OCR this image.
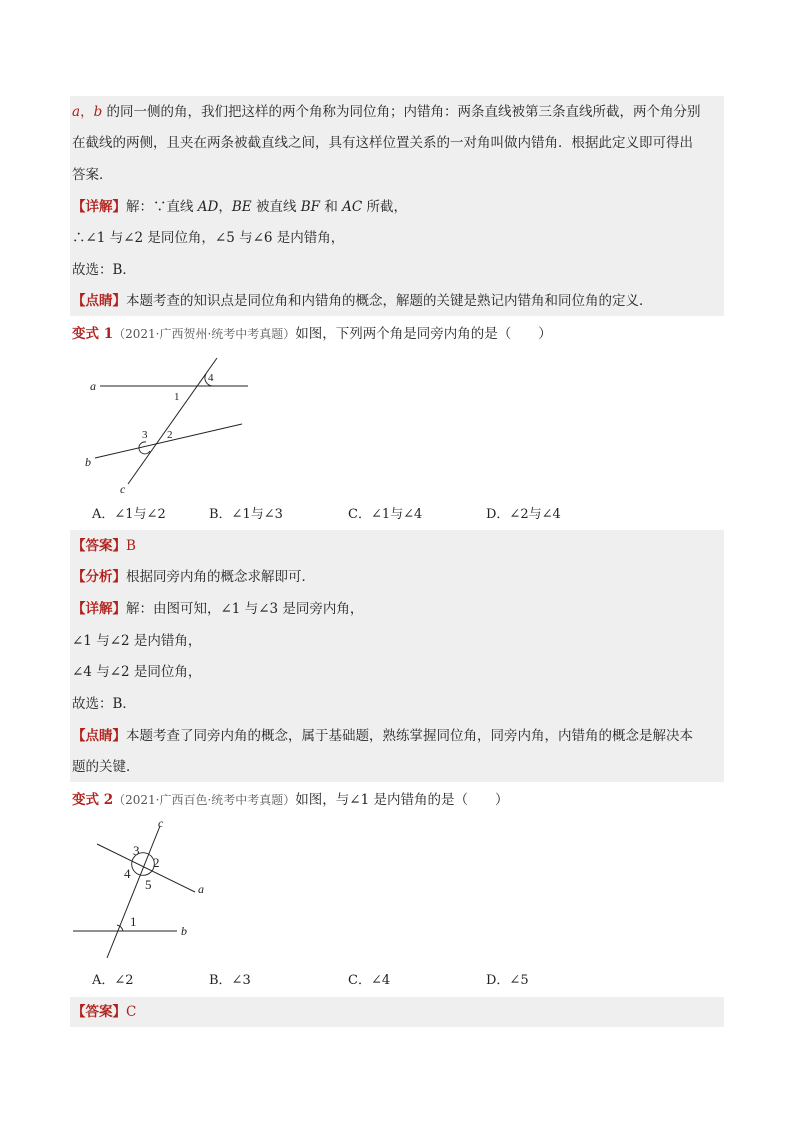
a，b 的同一侧的角，我们把这样的两个角称为同位角；内错角：两条直线被第三条直线所截，两个角分别
在截线的两侧，且夹在两条被截直线之间，具有这样位置关系的一对角叫做内错角．根据此定义即可得出
答案．
【详解】解：∵直线 AD，BE 被直线 BF 和 AC 所截，
∴∠1 与∠2 是同位角，∠5 与∠6 是内错角，
故选：B．
【点睛】本题考查的知识点是同位角和内错角的概念，解题的关键是熟记内错角和同位角的定义．
变式 1（2021·广西贺州·统考中考真题）如图，下列两个角是同旁内角的是（　　）
a
b
c
1
2
3
4
A．∠1与∠2	B．∠1与∠3	C．∠1与∠4	D．∠2与∠4
【答案】B
【分析】根据同旁内角的概念求解即可．
【详解】解：由图可知，∠1 与∠3 是同旁内角，
∠1 与∠2 是内错角，
∠4 与∠2 是同位角，
故选：B．
【点睛】本题考查了同旁内角的概念，属于基础题，熟练掌握同位角，同旁内角，内错角的概念是解决本
题的关键．
变式 2（2021·广西百色·统考中考真题）如图，与∠1 是内错角的是（　　）
c
a
b
1
2
3
4
5
A．∠2	B．∠3	C．∠4	D．∠5
【答案】C
